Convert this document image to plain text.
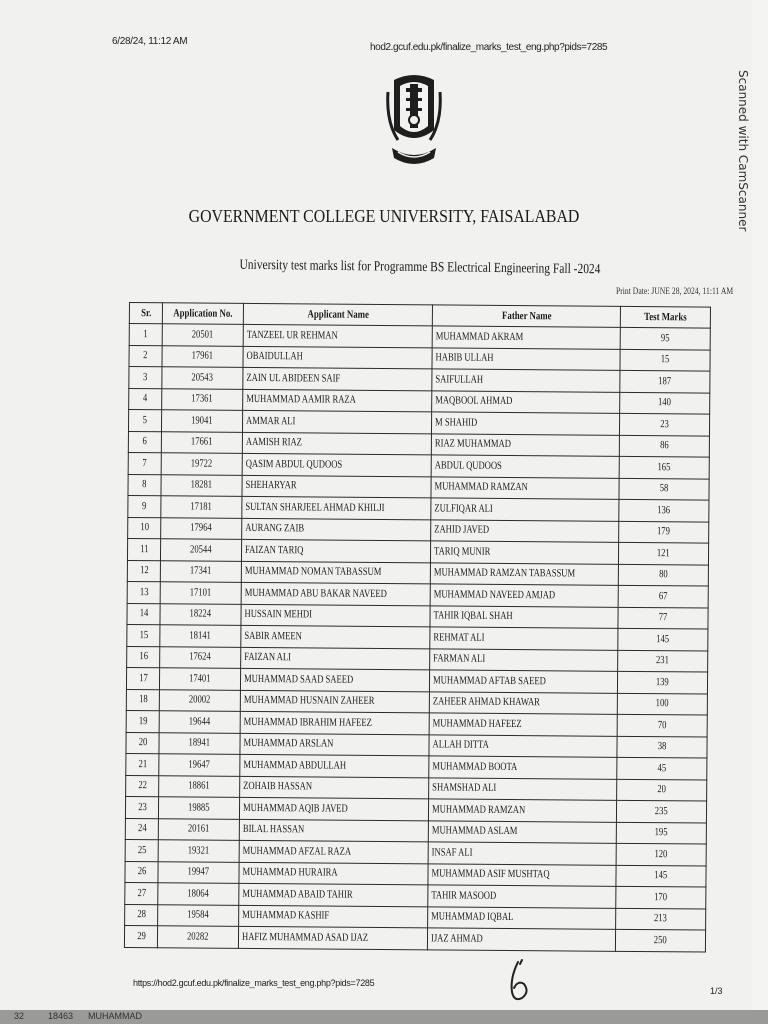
Scanned with CamScanner
6/28/24, 11:12 AM
hod2.gcuf.edu.pk/finalize_marks_test_eng.php?pids=7285
GOVERNMENT COLLEGE UNIVERSITY, FAISALABAD
University test marks list for Programme BS Electrical Engineering Fall -2024
Print Date: JUNE 28, 2024, 11:11 AM
Sr.	Application No.	Applicant Name	Father Name	Test Marks
1	20501	TANZEEL UR REHMAN	MUHAMMAD AKRAM	95
2	17961	OBAIDULLAH	HABIB ULLAH	15
3	20543	ZAIN UL ABIDEEN SAIF	SAIFULLAH	187
4	17361	MUHAMMAD AAMIR RAZA	MAQBOOL AHMAD	140
5	19041	AMMAR ALI	M SHAHID	23
6	17661	AAMISH RIAZ	RIAZ MUHAMMAD	86
7	19722	QASIM ABDUL QUDOOS	ABDUL QUDOOS	165
8	18281	SHEHARYAR	MUHAMMAD RAMZAN	58
9	17181	SULTAN SHARJEEL AHMAD KHILJI	ZULFIQAR ALI	136
10	17964	AURANG ZAIB	ZAHID JAVED	179
11	20544	FAIZAN TARIQ	TARIQ MUNIR	121
12	17341	MUHAMMAD NOMAN TABASSUM	MUHAMMAD RAMZAN TABASSUM	80
13	17101	MUHAMMAD ABU BAKAR NAVEED	MUHAMMAD NAVEED AMJAD	67
14	18224	HUSSAIN MEHDI	TAHIR IQBAL SHAH	77
15	18141	SABIR AMEEN	REHMAT ALI	145
16	17624	FAIZAN ALI	FARMAN ALI	231
17	17401	MUHAMMAD SAAD SAEED	MUHAMMAD AFTAB SAEED	139
18	20002	MUHAMMAD HUSNAIN ZAHEER	ZAHEER AHMAD KHAWAR	100
19	19644	MUHAMMAD IBRAHIM HAFEEZ	MUHAMMAD HAFEEZ	70
20	18941	MUHAMMAD ARSLAN	ALLAH DITTA	38
21	19647	MUHAMMAD ABDULLAH	MUHAMMAD BOOTA	45
22	18861	ZOHAIB HASSAN	SHAMSHAD ALI	20
23	19885	MUHAMMAD AQIB JAVED	MUHAMMAD RAMZAN	235
24	20161	BILAL HASSAN	MUHAMMAD ASLAM	195
25	19321	MUHAMMAD AFZAL RAZA	INSAF ALI	120
26	19947	MUHAMMAD HURAIRA	MUHAMMAD ASIF MUSHTAQ	145
27	18064	MUHAMMAD ABAID TAHIR	TAHIR MASOOD	170
28	19584	MUHAMMAD KASHIF	MUHAMMAD IQBAL	213
29	20282	HAFIZ MUHAMMAD ASAD IJAZ	IJAZ AHMAD	250
https://hod2.gcuf.edu.pk/finalize_marks_test_eng.php?pids=7285
1/3
32	18463 MUHAMMAD
